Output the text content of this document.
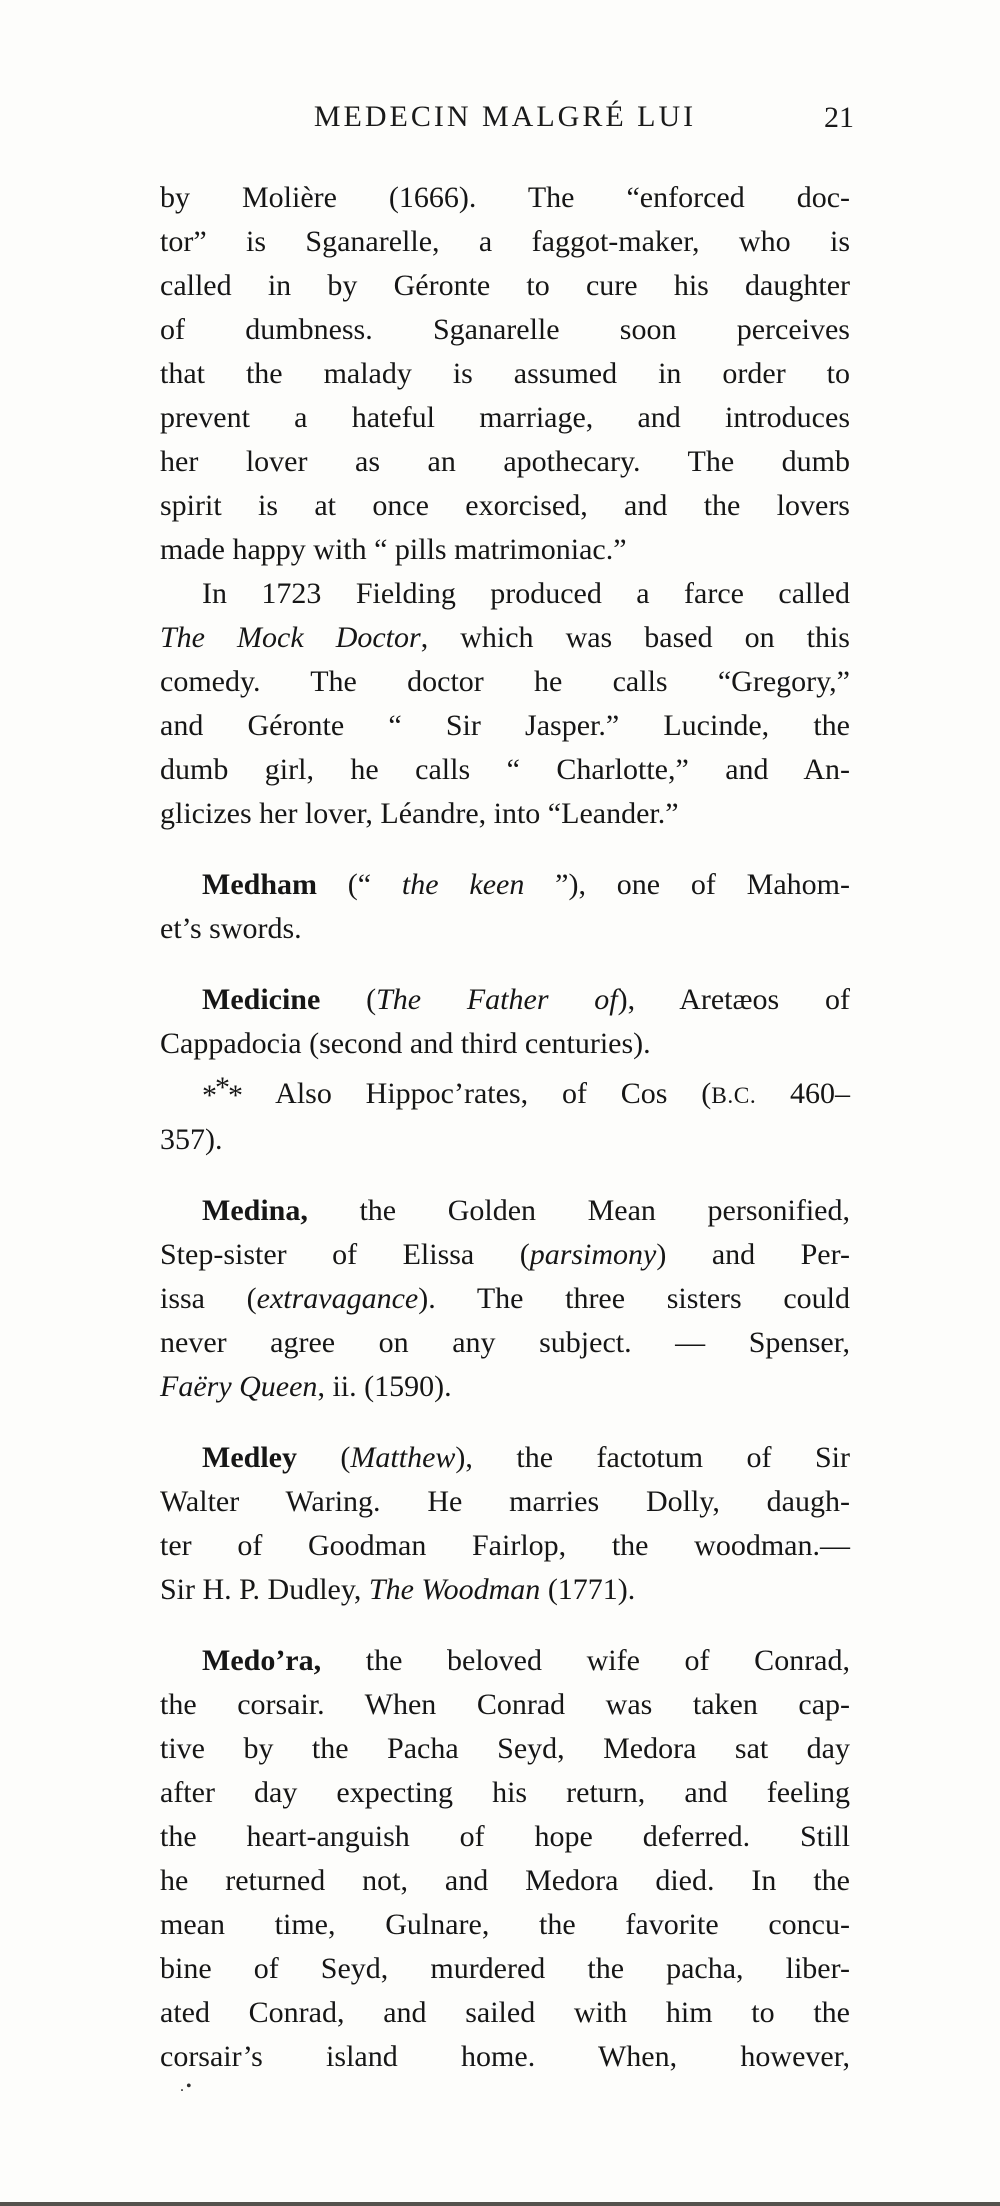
MEDECIN MALGRÉ LUI	21
by Molière (1666). The “enforced doc-
tor” is Sganarelle, a faggot-maker, who is
called in by Géronte to cure his daughter
of dumbness. Sganarelle soon perceives
that the malady is assumed in order to
prevent a hateful marriage, and introduces
her lover as an apothecary. The dumb
spirit is at once exorcised, and the lovers
made happy with “ pills matrimoniac.”
In 1723 Fielding produced a farce called
The Mock Doctor, which was based on this
comedy. The doctor he calls “Gregory,”
and Géronte “ Sir Jasper.” Lucinde, the
dumb girl, he calls “ Charlotte,” and An-
glicizes her lover, Léandre, into “Leander.”
Medham (“ the keen ”), one of Mahom-
et’s swords.
Medicine (The Father of), Aretæos of
Cappadocia (second and third centuries).
*** Also Hippoc’rates, of Cos (B.C. 460–
357).
Medina, the Golden Mean personified,
Step-sister of Elissa (parsimony) and Per-
issa (extravagance). The three sisters could
never agree on any subject. — Spenser,
Faëry Queen, ii. (1590).
Medley (Matthew), the factotum of Sir
Walter Waring. He marries Dolly, daugh-
ter of Goodman Fairlop, the woodman.—
Sir H. P. Dudley, The Woodman (1771).
Medo’ra, the beloved wife of Conrad,
the corsair. When Conrad was taken cap-
tive by the Pacha Seyd, Medora sat day
after day expecting his return, and feeling
the heart-anguish of hope deferred. Still
he returned not, and Medora died. In the
mean time, Gulnare, the favorite concu-
bine of Seyd, murdered the pacha, liber-
ated Conrad, and sailed with him to the
corsair’s island home. When, however,
.•
